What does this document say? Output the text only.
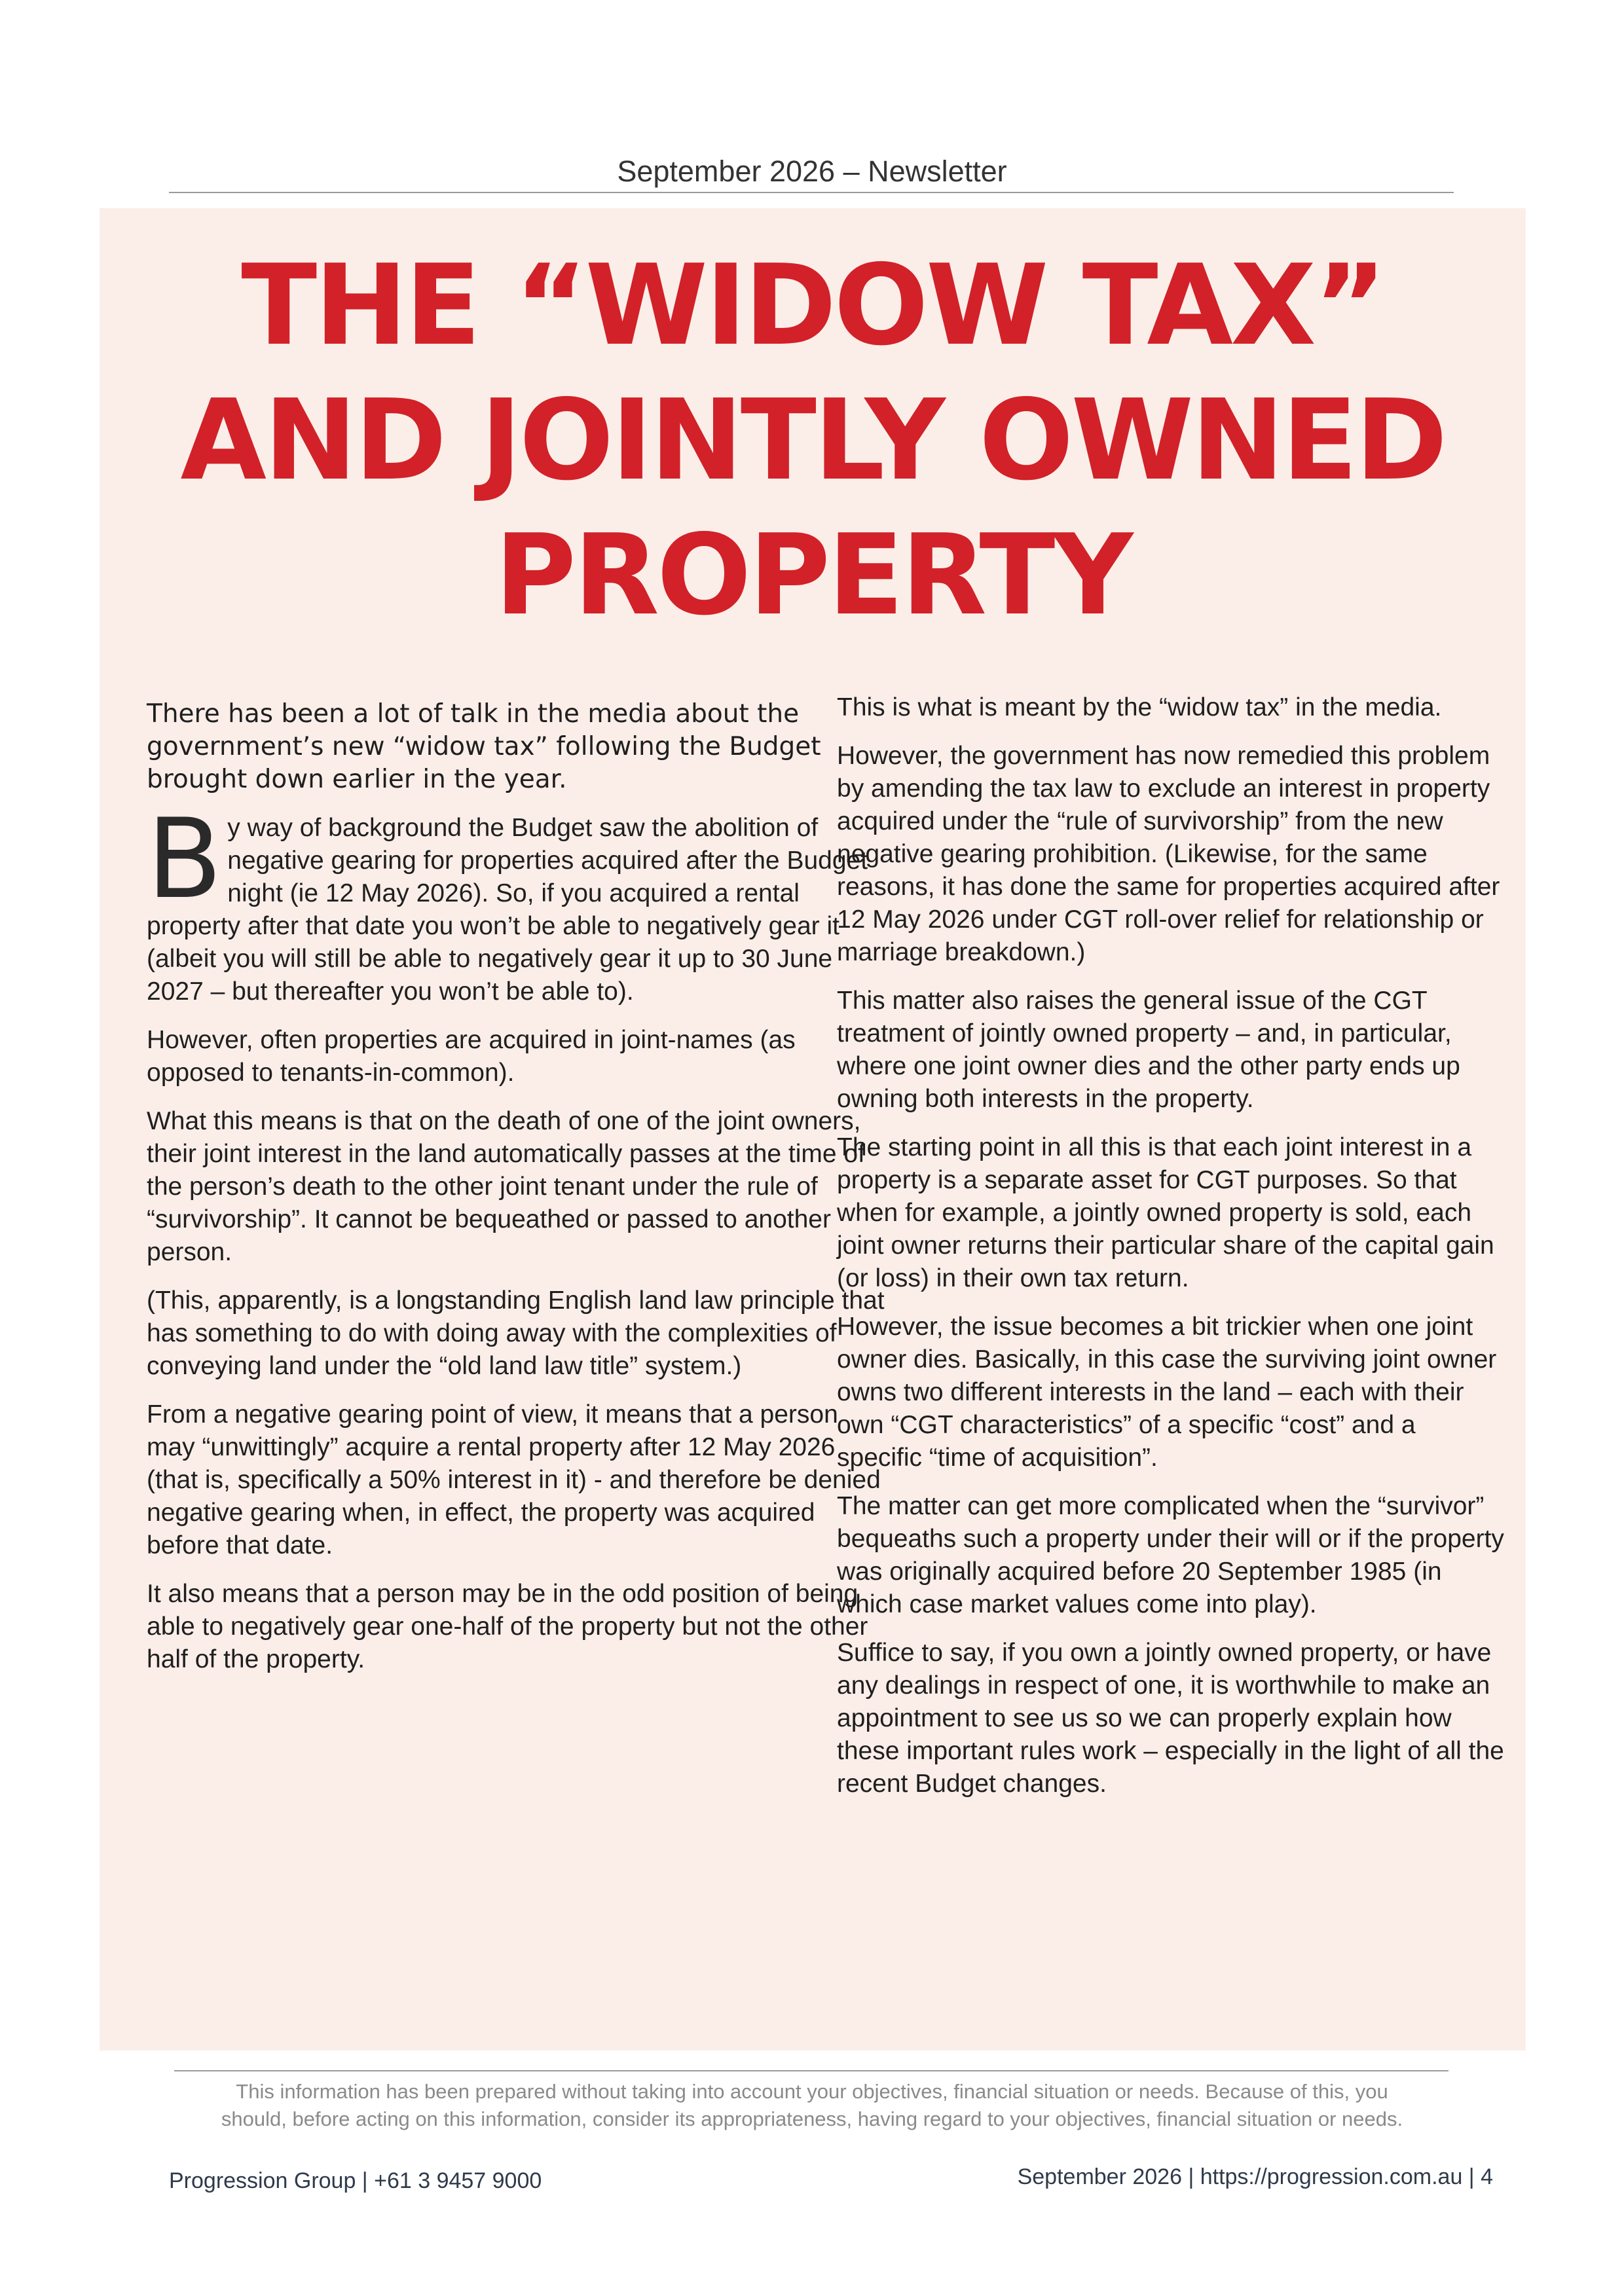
September 2026 – Newsletter
THE “WIDOW TAX”
AND JOINTLY OWNED
PROPERTY

There has been a lot of talk in the media about the government’s new “widow tax” following the Budget brought down earlier in the year.

By way of background the Budget saw the abolition of negative gearing for properties acquired after the Budget night (ie 12 May 2026). So, if you acquired a rental property after that date you won’t be able to negatively gear it (albeit you will still be able to negatively gear it up to 30 June 2027 – but thereafter you won’t be able to).

However, often properties are acquired in joint-names (as opposed to tenants-in-common).

What this means is that on the death of one of the joint owners, their joint interest in the land automatically passes at the time of the person’s death to the other joint tenant under the rule of “survivorship”. It cannot be bequeathed or passed to another person.

(This, apparently, is a longstanding English land law principle that has something to do with doing away with the complexities of conveying land under the “old land law title” system.)

From a negative gearing point of view, it means that a person may “unwittingly” acquire a rental property after 12 May 2026 (that is, specifically a 50% interest in it) - and therefore be denied negative gearing when, in effect, the property was acquired before that date.

It also means that a person may be in the odd position of being able to negatively gear one-half of the property but not the other half of the property.

This is what is meant by the “widow tax” in the media.

However, the government has now remedied this problem by amending the tax law to exclude an interest in property acquired under the “rule of survivorship” from the new negative gearing prohibition. (Likewise, for the same reasons, it has done the same for properties acquired after 12 May 2026 under CGT roll-over relief for relationship or marriage breakdown.)

This matter also raises the general issue of the CGT treatment of jointly owned property – and, in particular, where one joint owner dies and the other party ends up owning both interests in the property.

The starting point in all this is that each joint interest in a property is a separate asset for CGT purposes. So that when for example, a jointly owned property is sold, each joint owner returns their particular share of the capital gain (or loss) in their own tax return.

However, the issue becomes a bit trickier when one joint owner dies. Basically, in this case the surviving joint owner owns two different interests in the land – each with their own “CGT characteristics” of a specific “cost” and a specific “time of acquisition”.

The matter can get more complicated when the “survivor” bequeaths such a property under their will or if the property was originally acquired before 20 September 1985 (in which case market values come into play).

Suffice to say, if you own a jointly owned property, or have any dealings in respect of one, it is worthwhile to make an appointment to see us so we can properly explain how these important rules work – especially in the light of all the recent Budget changes.

This information has been prepared without taking into account your objectives, financial situation or needs. Because of this, you
should, before acting on this information, consider its appropriateness, having regard to your objectives, financial situation or needs.
Progression Group | +61 3 9457 9000	September 2026 | https://progression.com.au | 4
